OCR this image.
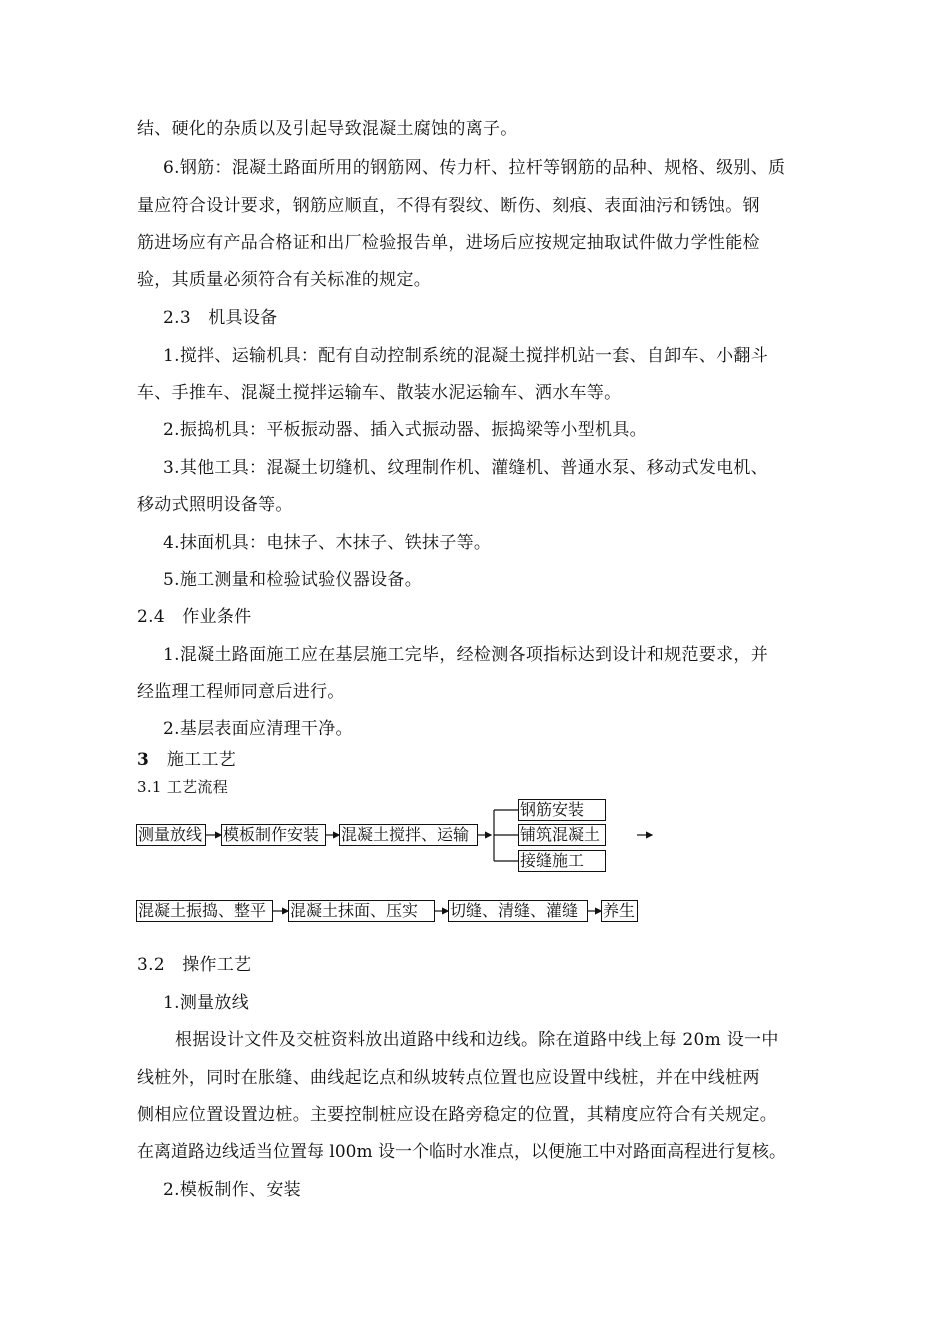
结、硬化的杂质以及引起导致混凝土腐蚀的离子。
6.钢筋：混凝土路面所用的钢筋网、传力杆、拉杆等钢筋的品种、规格、级别、质
量应符合设计要求，钢筋应顺直，不得有裂纹、断伤、刻痕、表面油污和锈蚀。钢
筋进场应有产品合格证和出厂检验报告单，进场后应按规定抽取试件做力学性能检
验，其质量必须符合有关标准的规定。
2.3　机具设备
1.搅拌、运输机具：配有自动控制系统的混凝土搅拌机站一套、自卸车、小翻斗
车、手推车、混凝土搅拌运输车、散装水泥运输车、洒水车等。
2.振捣机具：平板振动器、插入式振动器、振捣梁等小型机具。
3.其他工具：混凝土切缝机、纹理制作机、灌缝机、普通水泵、移动式发电机、
移动式照明设备等。
4.抹面机具：电抹子、木抹子、铁抹子等。
5.施工测量和检验试验仪器设备。
2.4　作业条件
1.混凝土路面施工应在基层施工完毕，经检测各项指标达到设计和规范要求，并
经监理工程师同意后进行。
2.基层表面应清理干净。
3 施工工艺
3.1 工艺流程
测量放线 模板制作安装	混凝土搅拌、运输
钢筋安装
铺筑混凝土
接缝施工
混凝土振捣、整平	混凝土抹面、压实	切缝、清缝、灌缝	养生
3.2　操作工艺
1.测量放线
根据设计文件及交桩资料放出道路中线和边线。除在道路中线上每 20m 设一中
线桩外，同时在胀缝、曲线起讫点和纵坡转点位置也应设置中线桩，并在中线桩两
侧相应位置设置边桩。主要控制桩应设在路旁稳定的位置，其精度应符合有关规定。
在离道路边线适当位置每 l00m 设一个临时水准点，以便施工中对路面高程进行复核。
2.模板制作、安装
